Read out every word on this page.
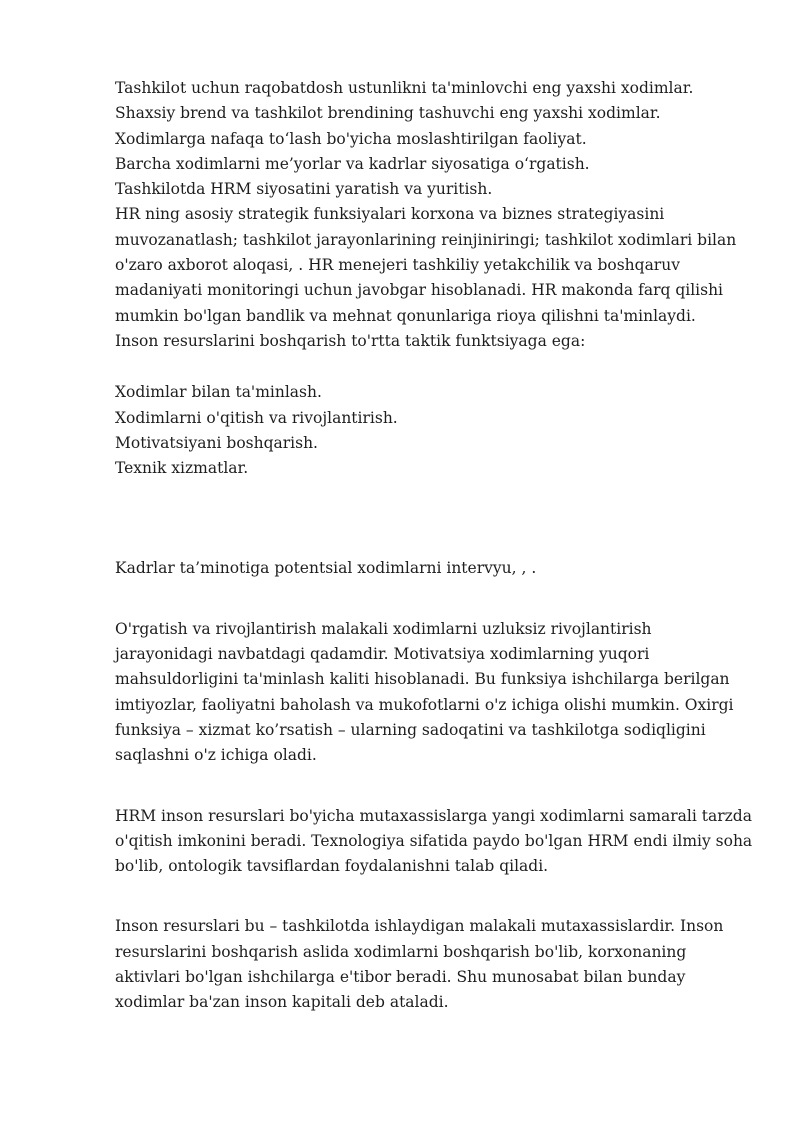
Tashkilot uchun raqobatdosh ustunlikni ta'minlovchi eng yaxshi xodimlar.
Shaxsiy brend va tashkilot brendining tashuvchi eng yaxshi xodimlar.
Xodimlarga nafaqa to‘lash bo'yicha moslashtirilgan faoliyat.
Barcha xodimlarni me’yorlar va kadrlar siyosatiga o‘rgatish.
Tashkilotda HRM siyosatini yaratish va yuritish.
HR ning asosiy strategik funksiyalari korxona va biznes strategiyasini
muvozanatlash; tashkilot jarayonlarining reinjiniringi; tashkilot xodimlari bilan
o'zaro axborot aloqasi, . HR menejeri tashkiliy yetakchilik va boshqaruv
madaniyati monitoringi uchun javobgar hisoblanadi. HR makonda farq qilishi
mumkin bo'lgan bandlik va mehnat qonunlariga rioya qilishni ta'minlaydi.
Inson resurslarini boshqarish to'rtta taktik funktsiyaga ega:
Xodimlar bilan ta'minlash.
Xodimlarni o'qitish va rivojlantirish.
Motivatsiyani boshqarish.
Texnik xizmatlar.
Kadrlar ta’minotiga potentsial xodimlarni intervyu, , .
O'rgatish va rivojlantirish malakali xodimlarni uzluksiz rivojlantirish
jarayonidagi navbatdagi qadamdir. Motivatsiya xodimlarning yuqori
mahsuldorligini ta'minlash kaliti hisoblanadi. Bu funksiya ishchilarga berilgan
imtiyozlar, faoliyatni baholash va mukofotlarni o'z ichiga olishi mumkin. Oxirgi
funksiya – xizmat ko’rsatish – ularning sadoqatini va tashkilotga sodiqligini
saqlashni o'z ichiga oladi.
HRM inson resurslari bo'yicha mutaxassislarga yangi xodimlarni samarali tarzda
o'qitish imkonini beradi. Texnologiya sifatida paydo bo'lgan HRM endi ilmiy soha
bo'lib, ontologik tavsiflardan foydalanishni talab qiladi.
Inson resurslari bu – tashkilotda ishlaydigan malakali mutaxassislardir. Inson
resurslarini boshqarish aslida xodimlarni boshqarish bo'lib, korxonaning
aktivlari bo'lgan ishchilarga e'tibor beradi. Shu munosabat bilan bunday
xodimlar ba'zan inson kapitali deb ataladi.
